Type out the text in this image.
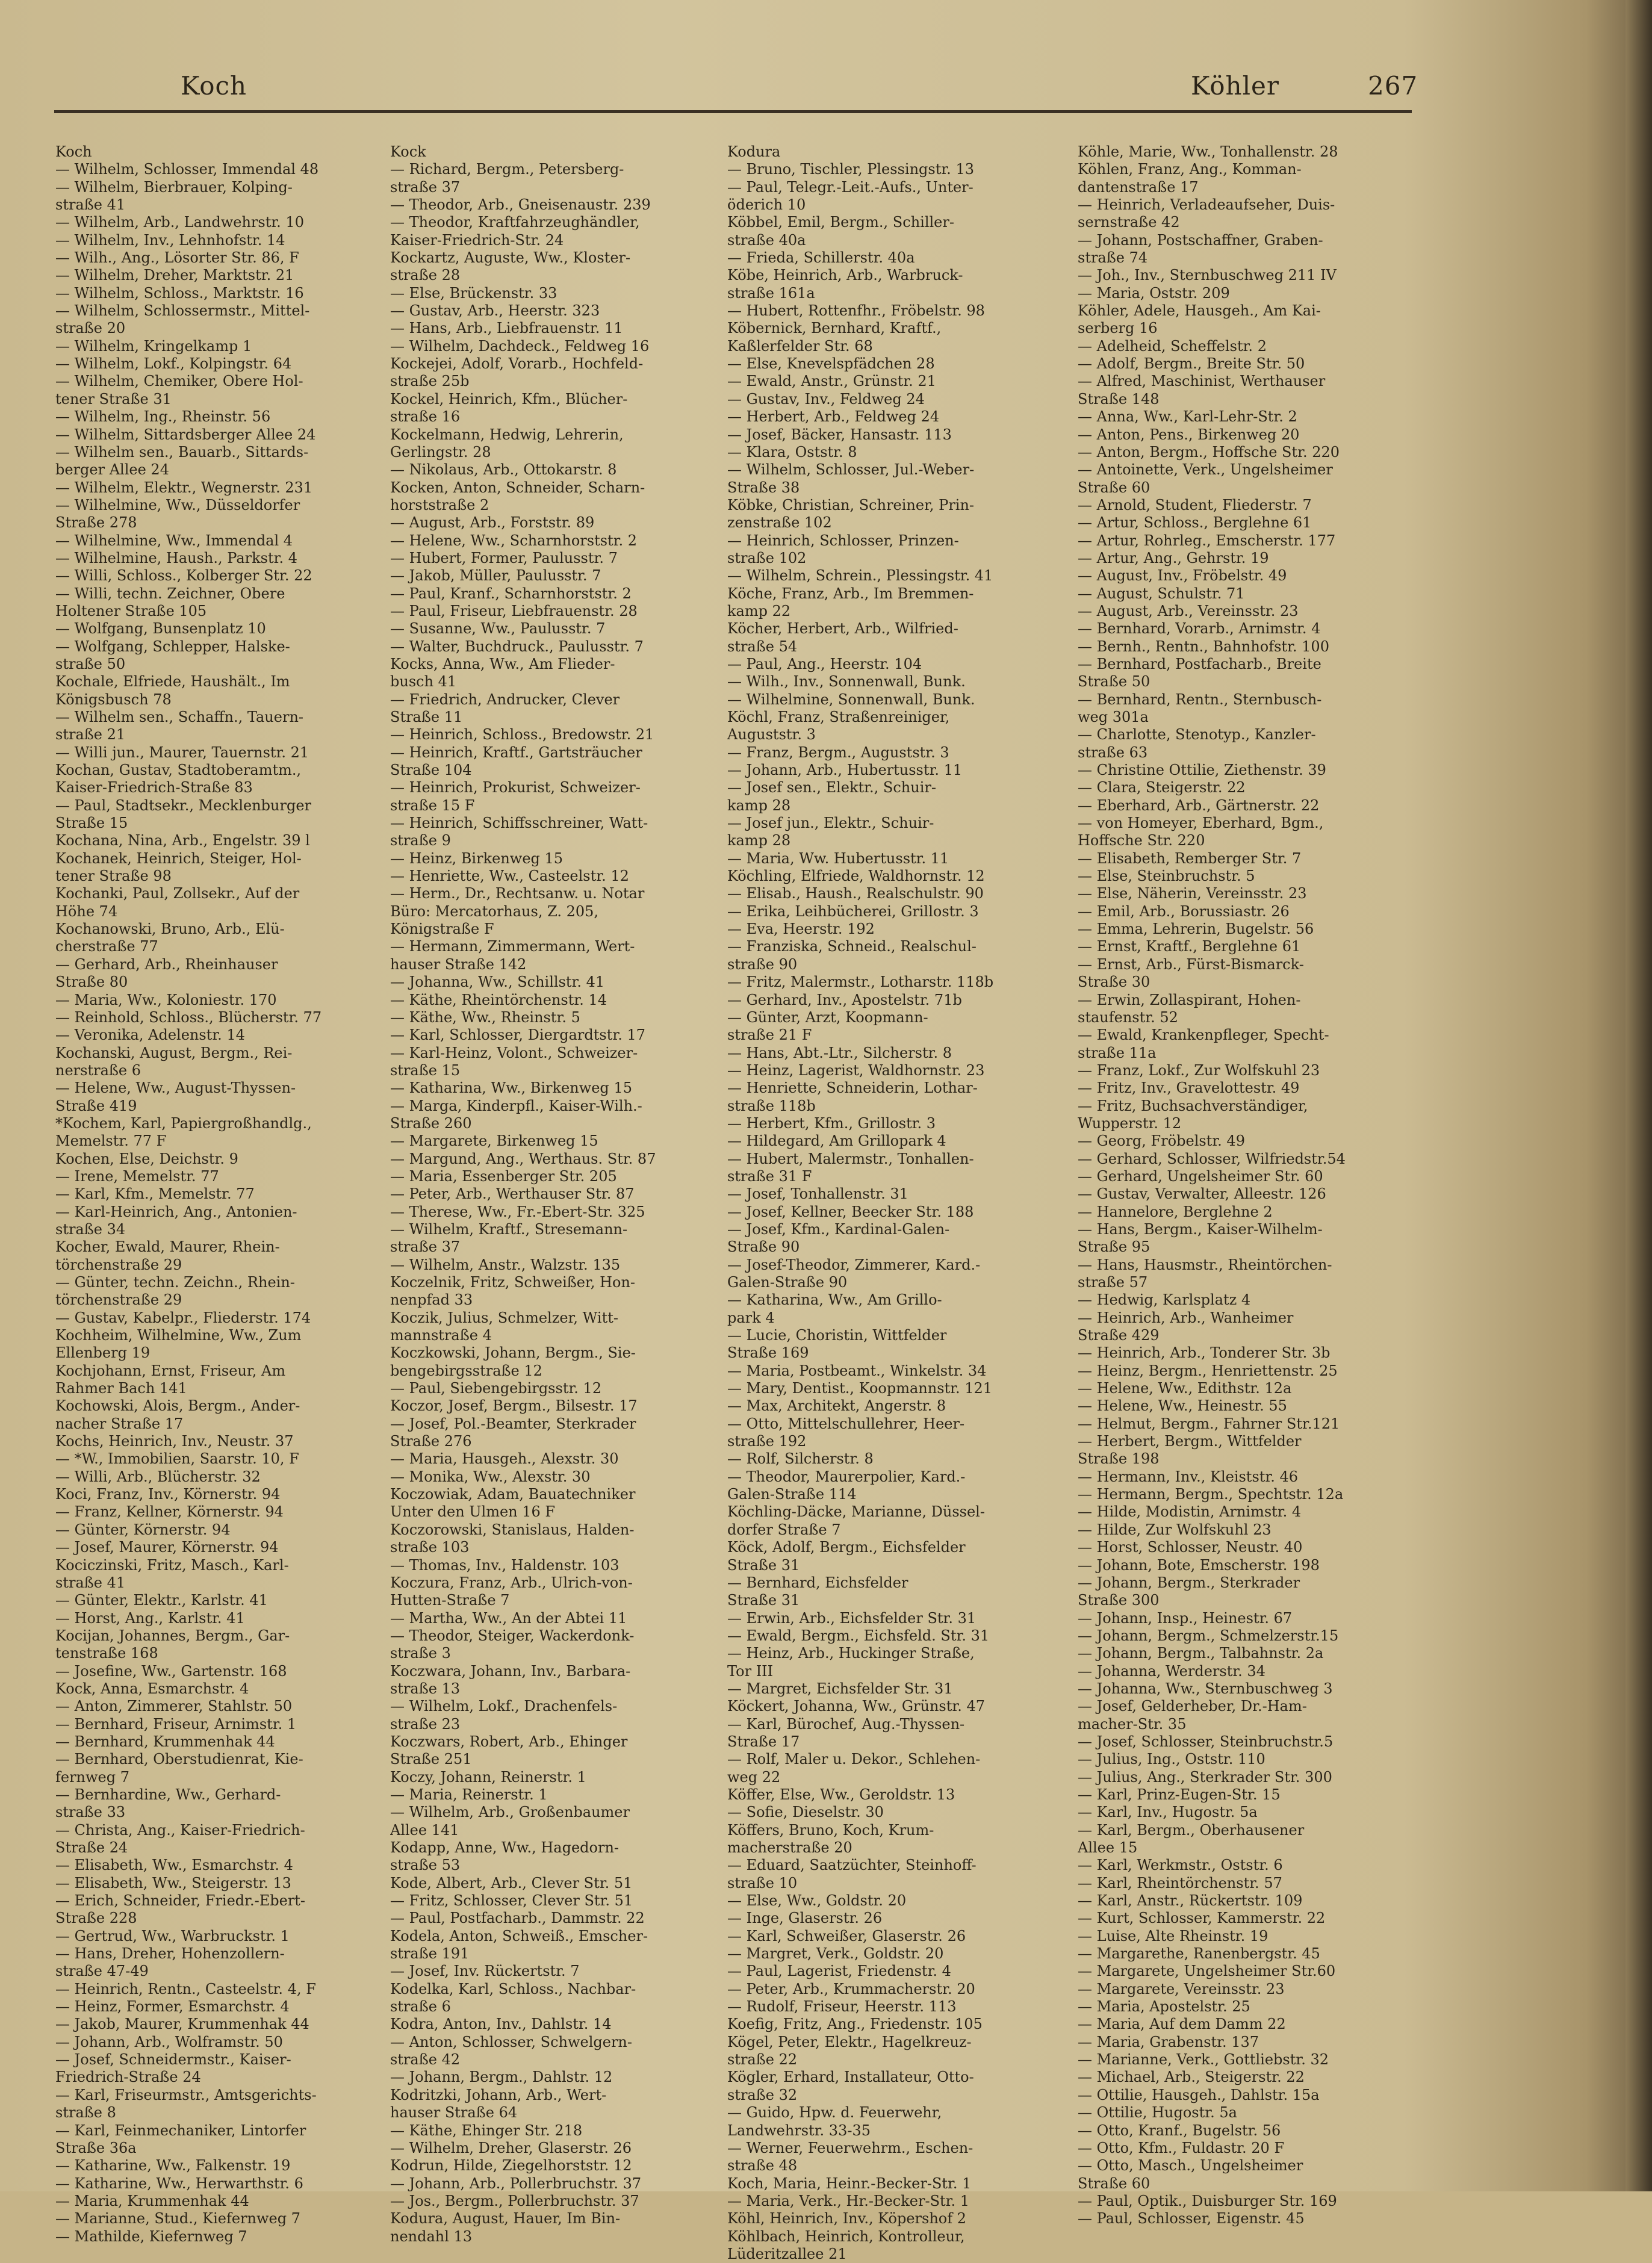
Koch	Köhler	267
Koch
— Wilhelm, Schlosser, Immendal 48
— Wilhelm, Bierbrauer, Kolping-
straße 41
— Wilhelm, Arb., Landwehrstr. 10
— Wilhelm, Inv., Lehnhofstr. 14
— Wilh., Ang., Lösorter Str. 86, F
— Wilhelm, Dreher, Marktstr. 21
— Wilhelm, Schloss., Marktstr. 16
— Wilhelm, Schlossermstr., Mittel-
straße 20
— Wilhelm, Kringelkamp 1
— Wilhelm, Lokf., Kolpingstr. 64
— Wilhelm, Chemiker, Obere Hol-
tener Straße 31
— Wilhelm, Ing., Rheinstr. 56
— Wilhelm, Sittardsberger Allee 24
— Wilhelm sen., Bauarb., Sittards-
berger Allee 24
— Wilhelm, Elektr., Wegnerstr. 231
— Wilhelmine, Ww., Düsseldorfer
Straße 278
— Wilhelmine, Ww., Immendal 4
— Wilhelmine, Haush., Parkstr. 4
— Willi, Schloss., Kolberger Str. 22
— Willi, techn. Zeichner, Obere
Holtener Straße 105
— Wolfgang, Bunsenplatz 10
— Wolfgang, Schlepper, Halske-
straße 50
Kochale, Elfriede, Haushält., Im
Königsbusch 78
— Wilhelm sen., Schaffn., Tauern-
straße 21
— Willi jun., Maurer, Tauernstr. 21
Kochan, Gustav, Stadtoberamtm.,
Kaiser-Friedrich-Straße 83
— Paul, Stadtsekr., Mecklenburger
Straße 15
Kochana, Nina, Arb., Engelstr. 39 l
Kochanek, Heinrich, Steiger, Hol-
tener Straße 98
Kochanki, Paul, Zollsekr., Auf der
Höhe 74
Kochanowski, Bruno, Arb., Elü-
cherstraße 77
— Gerhard, Arb., Rheinhauser
Straße 80
— Maria, Ww., Koloniestr. 170
— Reinhold, Schloss., Blücherstr. 77
— Veronika, Adelenstr. 14
Kochanski, August, Bergm., Rei-
nerstraße 6
— Helene, Ww., August-Thyssen-
Straße 419
*Kochem, Karl, Papiergroßhandlg.,
Memelstr. 77 F
Kochen, Else, Deichstr. 9
— Irene, Memelstr. 77
— Karl, Kfm., Memelstr. 77
— Karl-Heinrich, Ang., Antonien-
straße 34
Kocher, Ewald, Maurer, Rhein-
törchenstraße 29
— Günter, techn. Zeichn., Rhein-
törchenstraße 29
— Gustav, Kabelpr., Fliederstr. 174
Kochheim, Wilhelmine, Ww., Zum
Ellenberg 19
Kochjohann, Ernst, Friseur, Am
Rahmer Bach 141
Kochowski, Alois, Bergm., Ander-
nacher Straße 17
Kochs, Heinrich, Inv., Neustr. 37
— *W., Immobilien, Saarstr. 10, F
— Willi, Arb., Blücherstr. 32
Koci, Franz, Inv., Körnerstr. 94
— Franz, Kellner, Körnerstr. 94
— Günter, Körnerstr. 94
— Josef, Maurer, Körnerstr. 94
Kociczinski, Fritz, Masch., Karl-
straße 41
— Günter, Elektr., Karlstr. 41
— Horst, Ang., Karlstr. 41
Kocijan, Johannes, Bergm., Gar-
tenstraße 168
— Josefine, Ww., Gartenstr. 168
Kock, Anna, Esmarchstr. 4
— Anton, Zimmerer, Stahlstr. 50
— Bernhard, Friseur, Arnimstr. 1
— Bernhard, Krummenhak 44
— Bernhard, Oberstudienrat, Kie-
fernweg 7
— Bernhardine, Ww., Gerhard-
straße 33
— Christa, Ang., Kaiser-Friedrich-
Straße 24
— Elisabeth, Ww., Esmarchstr. 4
— Elisabeth, Ww., Steigerstr. 13
— Erich, Schneider, Friedr.-Ebert-
Straße 228
— Gertrud, Ww., Warbruckstr. 1
— Hans, Dreher, Hohenzollern-
straße 47-49
— Heinrich, Rentn., Casteelstr. 4, F
— Heinz, Former, Esmarchstr. 4
— Jakob, Maurer, Krummenhak 44
— Johann, Arb., Wolframstr. 50
— Josef, Schneidermstr., Kaiser-
Friedrich-Straße 24
— Karl, Friseurmstr., Amtsgerichts-
straße 8
— Karl, Feinmechaniker, Lintorfer
Straße 36a
— Katharine, Ww., Falkenstr. 19
— Katharine, Ww., Herwarthstr. 6
— Maria, Krummenhak 44
— Marianne, Stud., Kiefernweg 7
— Mathilde, Kiefernweg 7
Kock
— Richard, Bergm., Petersberg-
straße 37
— Theodor, Arb., Gneisenaustr. 239
— Theodor, Kraftfahrzeughändler,
Kaiser-Friedrich-Str. 24
Kockartz, Auguste, Ww., Kloster-
straße 28
— Else, Brückenstr. 33
— Gustav, Arb., Heerstr. 323
— Hans, Arb., Liebfrauenstr. 11
— Wilhelm, Dachdeck., Feldweg 16
Kockejei, Adolf, Vorarb., Hochfeld-
straße 25b
Kockel, Heinrich, Kfm., Blücher-
straße 16
Kockelmann, Hedwig, Lehrerin,
Gerlingstr. 28
— Nikolaus, Arb., Ottokarstr. 8
Kocken, Anton, Schneider, Scharn-
horststraße 2
— August, Arb., Forststr. 89
— Helene, Ww., Scharnhorststr. 2
— Hubert, Former, Paulusstr. 7
— Jakob, Müller, Paulusstr. 7
— Paul, Kranf., Scharnhorststr. 2
— Paul, Friseur, Liebfrauenstr. 28
— Susanne, Ww., Paulusstr. 7
— Walter, Buchdruck., Paulusstr. 7
Kocks, Anna, Ww., Am Flieder-
busch 41
— Friedrich, Andrucker, Clever
Straße 11
— Heinrich, Schloss., Bredowstr. 21
— Heinrich, Kraftf., Gartsträucher
Straße 104
— Heinrich, Prokurist, Schweizer-
straße 15 F
— Heinrich, Schiffsschreiner, Watt-
straße 9
— Heinz, Birkenweg 15
— Henriette, Ww., Casteelstr. 12
— Herm., Dr., Rechtsanw. u. Notar
Büro: Mercatorhaus, Z. 205,
Königstraße F
— Hermann, Zimmermann, Wert-
hauser Straße 142
— Johanna, Ww., Schillstr. 41
— Käthe, Rheintörchenstr. 14
— Käthe, Ww., Rheinstr. 5
— Karl, Schlosser, Diergardtstr. 17
— Karl-Heinz, Volont., Schweizer-
straße 15
— Katharina, Ww., Birkenweg 15
— Marga, Kinderpfl., Kaiser-Wilh.-
Straße 260
— Margarete, Birkenweg 15
— Margund, Ang., Werthaus. Str. 87
— Maria, Essenberger Str. 205
— Peter, Arb., Werthauser Str. 87
— Therese, Ww., Fr.-Ebert-Str. 325
— Wilhelm, Kraftf., Stresemann-
straße 37
— Wilhelm, Anstr., Walzstr. 135
Koczelnik, Fritz, Schweißer, Hon-
nenpfad 33
Koczik, Julius, Schmelzer, Witt-
mannstraße 4
Koczkowski, Johann, Bergm., Sie-
bengebirgsstraße 12
— Paul, Siebengebirgsstr. 12
Koczor, Josef, Bergm., Bilsestr. 17
— Josef, Pol.-Beamter, Sterkrader
Straße 276
— Maria, Hausgeh., Alexstr. 30
— Monika, Ww., Alexstr. 30
Koczowiak, Adam, Bauatechniker
Unter den Ulmen 16 F
Koczorowski, Stanislaus, Halden-
straße 103
— Thomas, Inv., Haldenstr. 103
Koczura, Franz, Arb., Ulrich-von-
Hutten-Straße 7
— Martha, Ww., An der Abtei 11
— Theodor, Steiger, Wackerdonk-
straße 3
Koczwara, Johann, Inv., Barbara-
straße 13
— Wilhelm, Lokf., Drachenfels-
straße 23
Koczwars, Robert, Arb., Ehinger
Straße 251
Koczy, Johann, Reinerstr. 1
— Maria, Reinerstr. 1
— Wilhelm, Arb., Großenbaumer
Allee 141
Kodapp, Anne, Ww., Hagedorn-
straße 53
Kode, Albert, Arb., Clever Str. 51
— Fritz, Schlosser, Clever Str. 51
— Paul, Postfacharb., Dammstr. 22
Kodela, Anton, Schweiß., Emscher-
straße 191
— Josef, Inv. Rückertstr. 7
Kodelka, Karl, Schloss., Nachbar-
straße 6
Kodra, Anton, Inv., Dahlstr. 14
— Anton, Schlosser, Schwelgern-
straße 42
— Johann, Bergm., Dahlstr. 12
Kodritzki, Johann, Arb., Wert-
hauser Straße 64
— Käthe, Ehinger Str. 218
— Wilhelm, Dreher, Glaserstr. 26
Kodrun, Hilde, Ziegelhorststr. 12
— Johann, Arb., Pollerbruchstr. 37
— Jos., Bergm., Pollerbruchstr. 37
Kodura, August, Hauer, Im Bin-
nendahl 13
Kodura
— Bruno, Tischler, Plessingstr. 13
— Paul, Telegr.-Leit.-Aufs., Unter-
öderich 10
Köbbel, Emil, Bergm., Schiller-
straße 40a
— Frieda, Schillerstr. 40a
Köbe, Heinrich, Arb., Warbruck-
straße 161a
— Hubert, Rottenfhr., Fröbelstr. 98
Köbernick, Bernhard, Kraftf.,
Kaßlerfelder Str. 68
— Else, Knevelspfädchen 28
— Ewald, Anstr., Grünstr. 21
— Gustav, Inv., Feldweg 24
— Herbert, Arb., Feldweg 24
— Josef, Bäcker, Hansastr. 113
— Klara, Oststr. 8
— Wilhelm, Schlosser, Jul.-Weber-
Straße 38
Köbke, Christian, Schreiner, Prin-
zenstraße 102
— Heinrich, Schlosser, Prinzen-
straße 102
— Wilhelm, Schrein., Plessingstr. 41
Köche, Franz, Arb., Im Bremmen-
kamp 22
Köcher, Herbert, Arb., Wilfried-
straße 54
— Paul, Ang., Heerstr. 104
— Wilh., Inv., Sonnenwall, Bunk.
— Wilhelmine, Sonnenwall, Bunk.
Köchl, Franz, Straßenreiniger,
Auguststr. 3
— Franz, Bergm., Auguststr. 3
— Johann, Arb., Hubertusstr. 11
— Josef sen., Elektr., Schuir-
kamp 28
— Josef jun., Elektr., Schuir-
kamp 28
— Maria, Ww. Hubertusstr. 11
Köchling, Elfriede, Waldhornstr. 12
— Elisab., Haush., Realschulstr. 90
— Erika, Leihbücherei, Grillostr. 3
— Eva, Heerstr. 192
— Franziska, Schneid., Realschul-
straße 90
— Fritz, Malermstr., Lotharstr. 118b
— Gerhard, Inv., Apostelstr. 71b
— Günter, Arzt, Koopmann-
straße 21 F
— Hans, Abt.-Ltr., Silcherstr. 8
— Heinz, Lagerist, Waldhornstr. 23
— Henriette, Schneiderin, Lothar-
straße 118b
— Herbert, Kfm., Grillostr. 3
— Hildegard, Am Grillopark 4
— Hubert, Malermstr., Tonhallen-
straße 31 F
— Josef, Tonhallenstr. 31
— Josef, Kellner, Beecker Str. 188
— Josef, Kfm., Kardinal-Galen-
Straße 90
— Josef-Theodor, Zimmerer, Kard.-
Galen-Straße 90
— Katharina, Ww., Am Grillo-
park 4
— Lucie, Choristin, Wittfelder
Straße 169
— Maria, Postbeamt., Winkelstr. 34
— Mary, Dentist., Koopmannstr. 121
— Max, Architekt, Angerstr. 8
— Otto, Mittelschullehrer, Heer-
straße 192
— Rolf, Silcherstr. 8
— Theodor, Maurerpolier, Kard.-
Galen-Straße 114
Köchling-Däcke, Marianne, Düssel-
dorfer Straße 7
Köck, Adolf, Bergm., Eichsfelder
Straße 31
— Bernhard, Eichsfelder
Straße 31
— Erwin, Arb., Eichsfelder Str. 31
— Ewald, Bergm., Eichsfeld. Str. 31
— Heinz, Arb., Huckinger Straße,
Tor III
— Margret, Eichsfelder Str. 31
Köckert, Johanna, Ww., Grünstr. 47
— Karl, Bürochef, Aug.-Thyssen-
Straße 17
— Rolf, Maler u. Dekor., Schlehen-
weg 22
Köffer, Else, Ww., Geroldstr. 13
— Sofie, Dieselstr. 30
Köffers, Bruno, Koch, Krum-
macherstraße 20
— Eduard, Saatzüchter, Steinhoff-
straße 10
— Else, Ww., Goldstr. 20
— Inge, Glaserstr. 26
— Karl, Schweißer, Glaserstr. 26
— Margret, Verk., Goldstr. 20
— Paul, Lagerist, Friedenstr. 4
— Peter, Arb., Krummacherstr. 20
— Rudolf, Friseur, Heerstr. 113
Koefig, Fritz, Ang., Friedenstr. 105
Kögel, Peter, Elektr., Hagelkreuz-
straße 22
Kögler, Erhard, Installateur, Otto-
straße 32
— Guido, Hpw. d. Feuerwehr,
Landwehrstr. 33-35
— Werner, Feuerwehrm., Eschen-
straße 48
Koch, Maria, Heinr.-Becker-Str. 1
— Maria, Verk., Hr.-Becker-Str. 1
Köhl, Heinrich, Inv., Köpershof 2
Köhlbach, Heinrich, Kontrolleur,
Lüderitzallee 21
Köhle, Marie, Ww., Tonhallenstr. 28
Köhlen, Franz, Ang., Komman-
dantenstraße 17
— Heinrich, Verladeaufseher, Duis-
sernstraße 42
— Johann, Postschaffner, Graben-
straße 74
— Joh., Inv., Sternbuschweg 211 IV
— Maria, Oststr. 209
Köhler, Adele, Hausgeh., Am Kai-
serberg 16
— Adelheid, Scheffelstr. 2
— Adolf, Bergm., Breite Str. 50
— Alfred, Maschinist, Werthauser
Straße 148
— Anna, Ww., Karl-Lehr-Str. 2
— Anton, Pens., Birkenweg 20
— Anton, Bergm., Hoffsche Str. 220
— Antoinette, Verk., Ungelsheimer
Straße 60
— Arnold, Student, Fliederstr. 7
— Artur, Schloss., Berglehne 61
— Artur, Rohrleg., Emscherstr. 177
— Artur, Ang., Gehrstr. 19
— August, Inv., Fröbelstr. 49
— August, Schulstr. 71
— August, Arb., Vereinsstr. 23
— Bernhard, Vorarb., Arnimstr. 4
— Bernh., Rentn., Bahnhofstr. 100
— Bernhard, Postfacharb., Breite
Straße 50
— Bernhard, Rentn., Sternbusch-
weg 301a
— Charlotte, Stenotyp., Kanzler-
straße 63
— Christine Ottilie, Ziethenstr. 39
— Clara, Steigerstr. 22
— Eberhard, Arb., Gärtnerstr. 22
— von Homeyer, Eberhard, Bgm.,
Hoffsche Str. 220
— Elisabeth, Remberger Str. 7
— Else, Steinbruchstr. 5
— Else, Näherin, Vereinsstr. 23
— Emil, Arb., Borussiastr. 26
— Emma, Lehrerin, Bugelstr. 56
— Ernst, Kraftf., Berglehne 61
— Ernst, Arb., Fürst-Bismarck-
Straße 30
— Erwin, Zollaspirant, Hohen-
staufenstr. 52
— Ewald, Krankenpfleger, Specht-
straße 11a
— Franz, Lokf., Zur Wolfskuhl 23
— Fritz, Inv., Gravelottestr. 49
— Fritz, Buchsachverständiger,
Wupperstr. 12
— Georg, Fröbelstr. 49
— Gerhard, Schlosser, Wilfriedstr.54
— Gerhard, Ungelsheimer Str. 60
— Gustav, Verwalter, Alleestr. 126
— Hannelore, Berglehne 2
— Hans, Bergm., Kaiser-Wilhelm-
Straße 95
— Hans, Hausmstr., Rheintörchen-
straße 57
— Hedwig, Karlsplatz 4
— Heinrich, Arb., Wanheimer
Straße 429
— Heinrich, Arb., Tonderer Str. 3b
— Heinz, Bergm., Henriettenstr. 25
— Helene, Ww., Edithstr. 12a
— Helene, Ww., Heinestr. 55
— Helmut, Bergm., Fahrner Str.121
— Herbert, Bergm., Wittfelder
Straße 198
— Hermann, Inv., Kleiststr. 46
— Hermann, Bergm., Spechtstr. 12a
— Hilde, Modistin, Arnimstr. 4
— Hilde, Zur Wolfskuhl 23
— Horst, Schlosser, Neustr. 40
— Johann, Bote, Emscherstr. 198
— Johann, Bergm., Sterkrader
Straße 300
— Johann, Insp., Heinestr. 67
— Johann, Bergm., Schmelzerstr.15
— Johann, Bergm., Talbahnstr. 2a
— Johanna, Werderstr. 34
— Johanna, Ww., Sternbuschweg 3
— Josef, Gelderheber, Dr.-Ham-
macher-Str. 35
— Josef, Schlosser, Steinbruchstr.5
— Julius, Ing., Oststr. 110
— Julius, Ang., Sterkrader Str. 300
— Karl, Prinz-Eugen-Str. 15
— Karl, Inv., Hugostr. 5a
— Karl, Bergm., Oberhausener
Allee 15
— Karl, Werkmstr., Oststr. 6
— Karl, Rheintörchenstr. 57
— Karl, Anstr., Rückertstr. 109
— Kurt, Schlosser, Kammerstr. 22
— Luise, Alte Rheinstr. 19
— Margarethe, Ranenbergstr. 45
— Margarete, Ungelsheimer Str.60
— Margarete, Vereinsstr. 23
— Maria, Apostelstr. 25
— Maria, Auf dem Damm 22
— Maria, Grabenstr. 137
— Marianne, Verk., Gottliebstr. 32
— Michael, Arb., Steigerstr. 22
— Ottilie, Hausgeh., Dahlstr. 15a
— Ottilie, Hugostr. 5a
— Otto, Kranf., Bugelstr. 56
— Otto, Kfm., Fuldastr. 20 F
— Otto, Masch., Ungelsheimer
Straße 60
— Paul, Optik., Duisburger Str. 169
— Paul, Schlosser, Eigenstr. 45
